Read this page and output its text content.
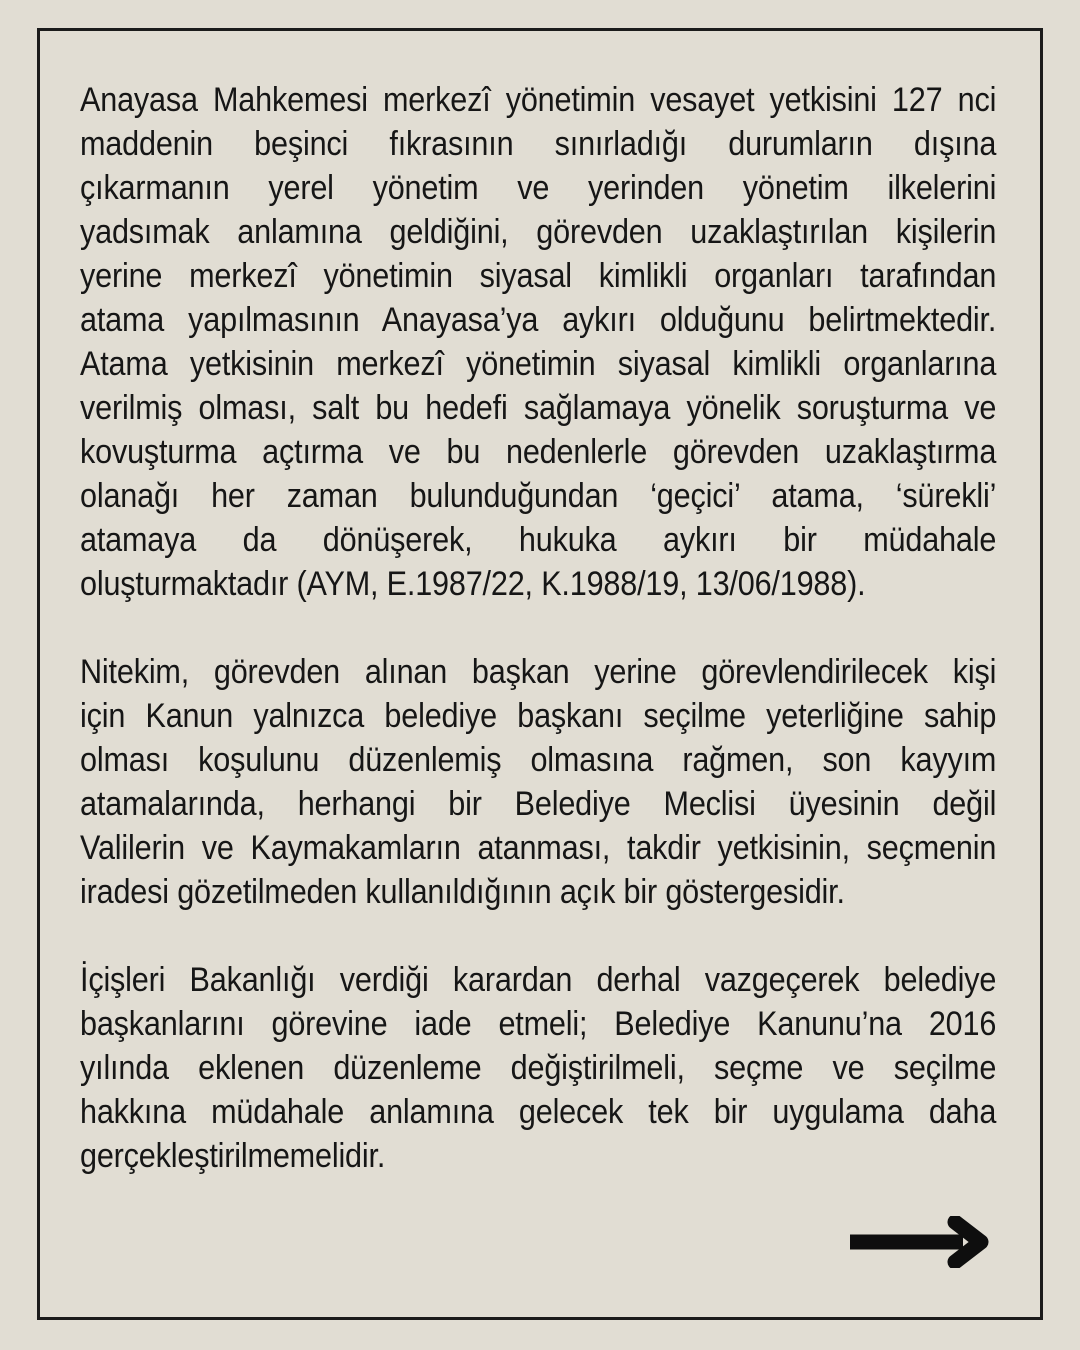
Anayasa Mahkemesi merkezî yönetimin vesayet yetkisini 127 nci
maddenin beşinci fıkrasının sınırladığı durumların dışına
çıkarmanın yerel yönetim ve yerinden yönetim ilkelerini
yadsımak anlamına geldiğini, görevden uzaklaştırılan kişilerin
yerine merkezî yönetimin siyasal kimlikli organları tarafından
atama yapılmasının Anayasa’ya aykırı olduğunu belirtmektedir.
Atama yetkisinin merkezî yönetimin siyasal kimlikli organlarına
verilmiş olması, salt bu hedefi sağlamaya yönelik soruşturma ve
kovuşturma açtırma ve bu nedenlerle görevden uzaklaştırma
olanağı her zaman bulunduğundan ‘geçici’ atama, ‘sürekli’
atamaya da dönüşerek, hukuka aykırı bir müdahale
oluşturmaktadır (AYM, E.1987/22, K.1988/19, 13/06/1988).
Nitekim, görevden alınan başkan yerine görevlendirilecek kişi
için Kanun yalnızca belediye başkanı seçilme yeterliğine sahip
olması koşulunu düzenlemiş olmasına rağmen, son kayyım
atamalarında, herhangi bir Belediye Meclisi üyesinin değil
Valilerin ve Kaymakamların atanması, takdir yetkisinin, seçmenin
iradesi gözetilmeden kullanıldığının açık bir göstergesidir.
İçişleri Bakanlığı verdiği karardan derhal vazgeçerek belediye
başkanlarını görevine iade etmeli; Belediye Kanunu’na 2016
yılında eklenen düzenleme değiştirilmeli, seçme ve seçilme
hakkına müdahale anlamına gelecek tek bir uygulama daha
gerçekleştirilmemelidir.
